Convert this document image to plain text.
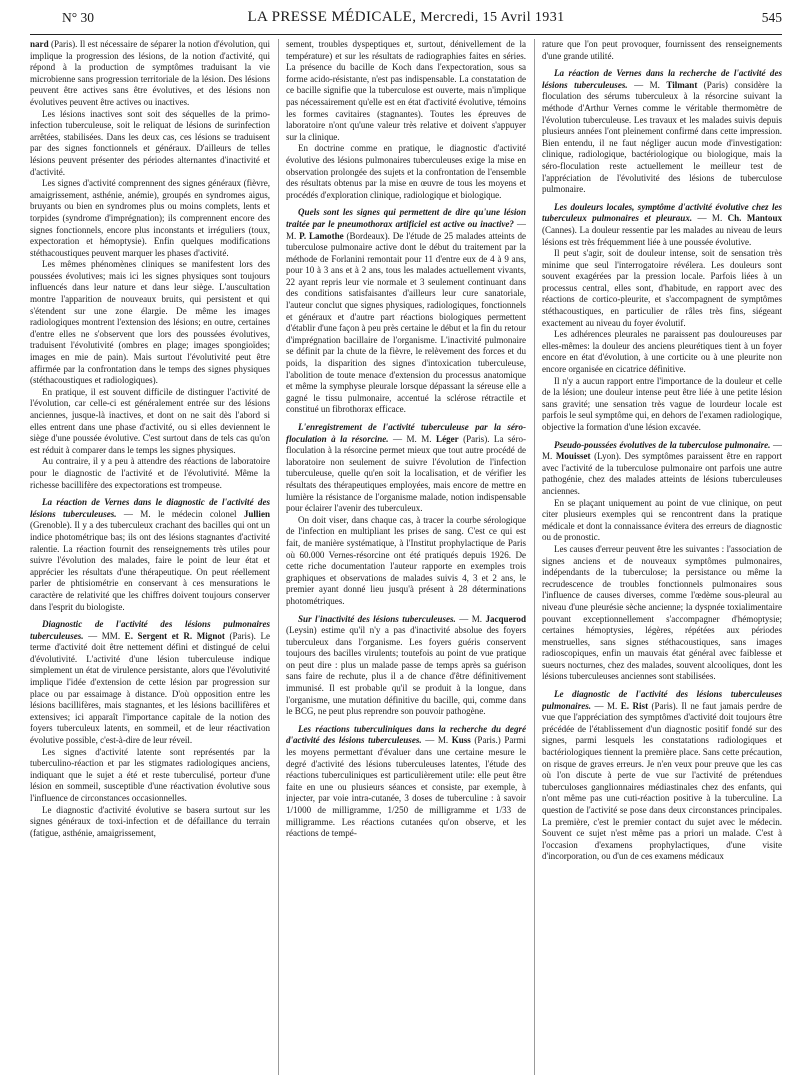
N° 30	LA PRESSE MÉDICALE, Mercredi, 15 Avril 1931	545

nard (Paris). Il est nécessaire de séparer la notion d'évolution, qui implique la progression des lésions, de la notion d'activité, qui répond à la production de symptômes traduisant la vie microbienne sans progression territoriale de la lésion. Des lésions peuvent être actives sans être évolutives, et des lésions non évolutives peuvent être actives ou inactives.

Les lésions inactives sont soit des séquelles de la primo-infection tuberculeuse, soit le reliquat de lésions de surinfection arrêtées, stabilisées. Dans les deux cas, ces lésions se traduisent par des signes fonctionnels et généraux. D'ailleurs de telles lésions peuvent présenter des périodes alternantes d'inactivité et d'activité.

Les signes d'activité comprennent des signes généraux (fièvre, amaigrissement, asthénie, anémie), groupés en syndromes aigus, bruyants ou bien en syndromes plus ou moins complets, lents et torpides (syndrome d'imprégnation); ils comprennent encore des signes fonctionnels, encore plus inconstants et irréguliers (toux, expectoration et hémoptysie). Enfin quelques modifications stéthacoustiques peuvent marquer les phases d'activité.

Les mêmes phénomènes cliniques se manifestent lors des poussées évolutives; mais ici les signes physiques sont toujours influencés dans leur nature et dans leur siège. L'auscultation montre l'apparition de nouveaux bruits, qui persistent et qui s'étendent sur une zone élargie. De même les images radiologiques montrent l'extension des lésions; en outre, certaines d'entre elles ne s'observent que lors des poussées évolutives, traduisent l'évolutivité (ombres en plage; images spongioïdes; images en mie de pain). Mais surtout l'évolutivité peut être affirmée par la confrontation dans le temps des signes physiques (stéthacoustiques et radiologiques).

En pratique, il est souvent difficile de distinguer l'activité de l'évolution, car celle-ci est généralement entrée sur des lésions anciennes, jusque-là inactives, et dont on ne sait dès l'abord si elles entrent dans une phase d'activité, ou si elles deviennent le siège d'une poussée évolutive. C'est surtout dans de tels cas qu'on est réduit à comparer dans le temps les signes physiques.

Au contraire, il y a peu à attendre des réactions de laboratoire pour le diagnostic de l'activité et de l'évolutivité. Même la richesse bacillifère des expectorations est trompeuse.

La réaction de Vernes dans le diagnostic de l'activité des lésions tuberculeuses. — M. le médecin colonel Jullien (Grenoble). Il y a des tuberculeux crachant des bacilles qui ont un indice photométrique bas; ils ont des lésions stagnantes d'activité ralentie. La réaction fournit des renseignements très utiles pour suivre l'évolution des malades, faire le point de leur état et apprécier les résultats d'une thérapeutique. On peut réellement parler de phtisiométrie en conservant à ces mensurations le caractère de relativité que les chiffres doivent toujours conserver dans l'esprit du biologiste.

Diagnostic de l'activité des lésions pulmonaires tuberculeuses. — MM. E. Sergent et R. Mignot (Paris). Le terme d'activité doit être nettement défini et distingué de celui d'évolutivité. L'activité d'une lésion tuberculeuse indique simplement un état de virulence persistante, alors que l'évolutivité implique l'idée d'extension de cette lésion par progression sur place ou par essaimage à distance. D'où opposition entre les lésions bacillifères, mais stagnantes, et les lésions bacillifères et extensives; ici apparaît l'importance capitale de la notion des foyers tuberculeux latents, en sommeil, et de leur réactivation évolutive possible, c'est-à-dire de leur réveil.

Les signes d'activité latente sont représentés par la tuberculino-réaction et par les stigmates radiologiques anciens, indiquant que le sujet a été et reste tuberculisé, porteur d'une lésion en sommeil, susceptible d'une réactivation évolutive sous l'influence de circonstances occasionnelles.

Le diagnostic d'activité évolutive se basera surtout sur les signes généraux de toxi-infection et de défaillance du terrain (fatigue, asthénie, amaigrissement,

sement, troubles dyspeptiques et, surtout, dénivellement de la température) et sur les résultats de radiographies faites en séries. La présence du bacille de Koch dans l'expectoration, sous sa forme acido-résistante, n'est pas indispensable. La constatation de ce bacille signifie que la tuberculose est ouverte, mais n'implique pas nécessairement qu'elle est en état d'activité évolutive, témoins les formes cavitaires (stagnantes). Toutes les épreuves de laboratoire n'ont qu'une valeur très relative et doivent s'appuyer sur la clinique.

En doctrine comme en pratique, le diagnostic d'activité évolutive des lésions pulmonaires tuberculeuses exige la mise en observation prolongée des sujets et la confrontation de l'ensemble des résultats obtenus par la mise en œuvre de tous les moyens et procédés d'exploration clinique, radiologique et biologique.

Quels sont les signes qui permettent de dire qu'une lésion traitée par le pneumothorax artificiel est active ou inactive? — M. P. Lamothe (Bordeaux). De l'étude de 25 malades atteints de tuberculose pulmonaire active dont le début du traitement par la méthode de Forlanini remontait pour 11 d'entre eux de 4 à 9 ans, pour 10 à 3 ans et à 2 ans, tous les malades actuellement vivants, 22 ayant repris leur vie normale et 3 seulement continuant dans des conditions satisfaisantes d'ailleurs leur cure sanatoriale, l'auteur conclut que signes physiques, radiologiques, fonctionnels et généraux et d'autre part réactions biologiques permettent d'établir d'une façon à peu près certaine le début et la fin du retour d'imprégnation bacillaire de l'organisme. L'inactivité pulmonaire se définit par la chute de la fièvre, le relèvement des forces et du poids, la disparition des signes d'intoxication tuberculeuse, l'abolition de toute menace d'extension du processus anatomique et même la symphyse pleurale lorsque dépassant la séreuse elle a gagné le tissu pulmonaire, accentué la sclérose rétractile et constitué un fibrothorax efficace.

L'enregistrement de l'activité tuberculeuse par la séro-floculation à la résorcine. — M. M. Léger (Paris). La séro-floculation à la résorcine permet mieux que tout autre procédé de laboratoire non seulement de suivre l'évolution de l'infection tuberculeuse, quelle qu'en soit la localisation, et de vérifier les résultats des thérapeutiques employées, mais encore de mettre en lumière la résistance de l'organisme malade, notion indispensable pour éclairer l'avenir des tuberculeux.

On doit viser, dans chaque cas, à tracer la courbe sérologique de l'infection en multipliant les prises de sang. C'est ce qui est fait, de manière systématique, à l'Institut prophylactique de Paris où 60.000 Vernes-résorcine ont été pratiqués depuis 1926. De cette riche documentation l'auteur rapporte en exemples trois graphiques et observations de malades suivis 4, 3 et 2 ans, le premier ayant donné lieu jusqu'à présent à 28 déterminations photométriques.

Sur l'inactivité des lésions tuberculeuses. — M. Jacquerod (Leysin) estime qu'il n'y a pas d'inactivité absolue des foyers tuberculeux dans l'organisme. Les foyers guéris conservent toujours des bacilles virulents; toutefois au point de vue pratique on peut dire : plus un malade passe de temps après sa guérison sans faire de rechute, plus il a de chance d'être définitivement immunisé. Il est probable qu'il se produit à la longue, dans l'organisme, une mutation définitive du bacille, qui, comme dans le BCG, ne peut plus reprendre son pouvoir pathogène.

Les réactions tuberculiniques dans la recherche du degré d'activité des lésions tuberculeuses. — M. Kuss (Paris.) Parmi les moyens permettant d'évaluer dans une certaine mesure le degré d'activité des lésions tuberculeuses latentes, l'étude des réactions tuberculiniques est particulièrement utile: elle peut être faite en une ou plusieurs séances et consiste, par exemple, à injecter, par voie intra-cutanée, 3 doses de tuberculine : à savoir 1/1000 de milligramme, 1/250 de milligramme et 1/33 de milligramme. Les réactions cutanées qu'on observe, et les réactions de tempé-

rature que l'on peut provoquer, fournissent des renseignements d'une grande utilité.

La réaction de Vernes dans la recherche de l'activité des lésions tuberculeuses. — M. Tilmant (Paris) considère la floculation des sérums tuberculeux à la résorcine suivant la méthode d'Arthur Vernes comme le véritable thermomètre de l'évolution tuberculeuse. Les travaux et les malades suivis depuis plusieurs années l'ont pleinement confirmé dans cette impression. Bien entendu, il ne faut négliger aucun mode d'investigation: clinique, radiologique, bactériologique ou biologique, mais la séro-floculation reste actuellement le meilleur test de l'appréciation de l'évolutivité des lésions de tuberculose pulmonaire.

Les douleurs locales, symptôme d'activité évolutive chez les tuberculeux pulmonaires et pleuraux. — M. Ch. Mantoux (Cannes). La douleur ressentie par les malades au niveau de leurs lésions est très fréquemment liée à une poussée évolutive.

Il peut s'agir, soit de douleur intense, soit de sensation très minime que seul l'interrogatoire révélera. Les douleurs sont souvent exagérées par la pression locale. Parfois liées à un processus central, elles sont, d'habitude, en rapport avec des réactions de cortico-pleurite, et s'accompagnent de symptômes stéthacoustiques, en particulier de râles très fins, siégeant exactement au niveau du foyer évolutif.

Les adhérences pleurales ne paraissent pas douloureuses par elles-mêmes: la douleur des anciens pleurétiques tient à un foyer encore en état d'évolution, à une corticite ou à une pleurite non encore organisée en cicatrice définitive.

Il n'y a aucun rapport entre l'importance de la douleur et celle de la lésion; une douleur intense peut être liée à une petite lésion sans gravité; une sensation très vague de lourdeur locale est parfois le seul symptôme qui, en dehors de l'examen radiologique, objective la formation d'une lésion excavée.

Pseudo-poussées évolutives de la tuberculose pulmonaire. — M. Mouisset (Lyon). Des symptômes paraissent être en rapport avec l'activité de la tuberculose pulmonaire ont parfois une autre pathogénie, chez des malades atteints de lésions tuberculeuses anciennes.

En se plaçant uniquement au point de vue clinique, on peut citer plusieurs exemples qui se rencontrent dans la pratique médicale et dont la connaissance évitera des erreurs de diagnostic ou de pronostic.

Les causes d'erreur peuvent être les suivantes : l'association de signes anciens et de nouveaux symptômes pulmonaires, indépendants de la tuberculose; la persistance ou même la recrudescence de troubles fonctionnels pulmonaires sous l'influence de causes diverses, comme l'œdème sous-pleural au niveau d'une pleurésie sèche ancienne; la dyspnée toxialimentaire pouvant exceptionnellement s'accompagner d'hémoptysie; certaines hémoptysies, légères, répétées aux périodes menstruelles, sans signes stéthacoustiques, sans images radioscopiques, enfin un mauvais état général avec faiblesse et sueurs nocturnes, chez des malades, souvent alcooliques, dont les lésions tuberculeuses anciennes sont stabilisées.

Le diagnostic de l'activité des lésions tuberculeuses pulmonaires. — M. E. Rist (Paris). Il ne faut jamais perdre de vue que l'appréciation des symptômes d'activité doit toujours être précédée de l'établissement d'un diagnostic positif fondé sur des signes, parmi lesquels les constatations radiologiques et bactériologiques tiennent la première place. Sans cette précaution, on risque de graves erreurs. Je n'en veux pour preuve que les cas où l'on discute à perte de vue sur l'activité de prétendues tuberculoses ganglionnaires médiastinales chez des enfants, qui n'ont même pas une cuti-réaction positive à la tuberculine. La question de l'activité se pose dans deux circonstances principales. La première, c'est le premier contact du sujet avec le médecin. Souvent ce sujet n'est même pas a priori un malade. C'est à l'occasion d'examens prophylactiques, d'une visite d'incorporation, ou d'un de ces examens médicaux
